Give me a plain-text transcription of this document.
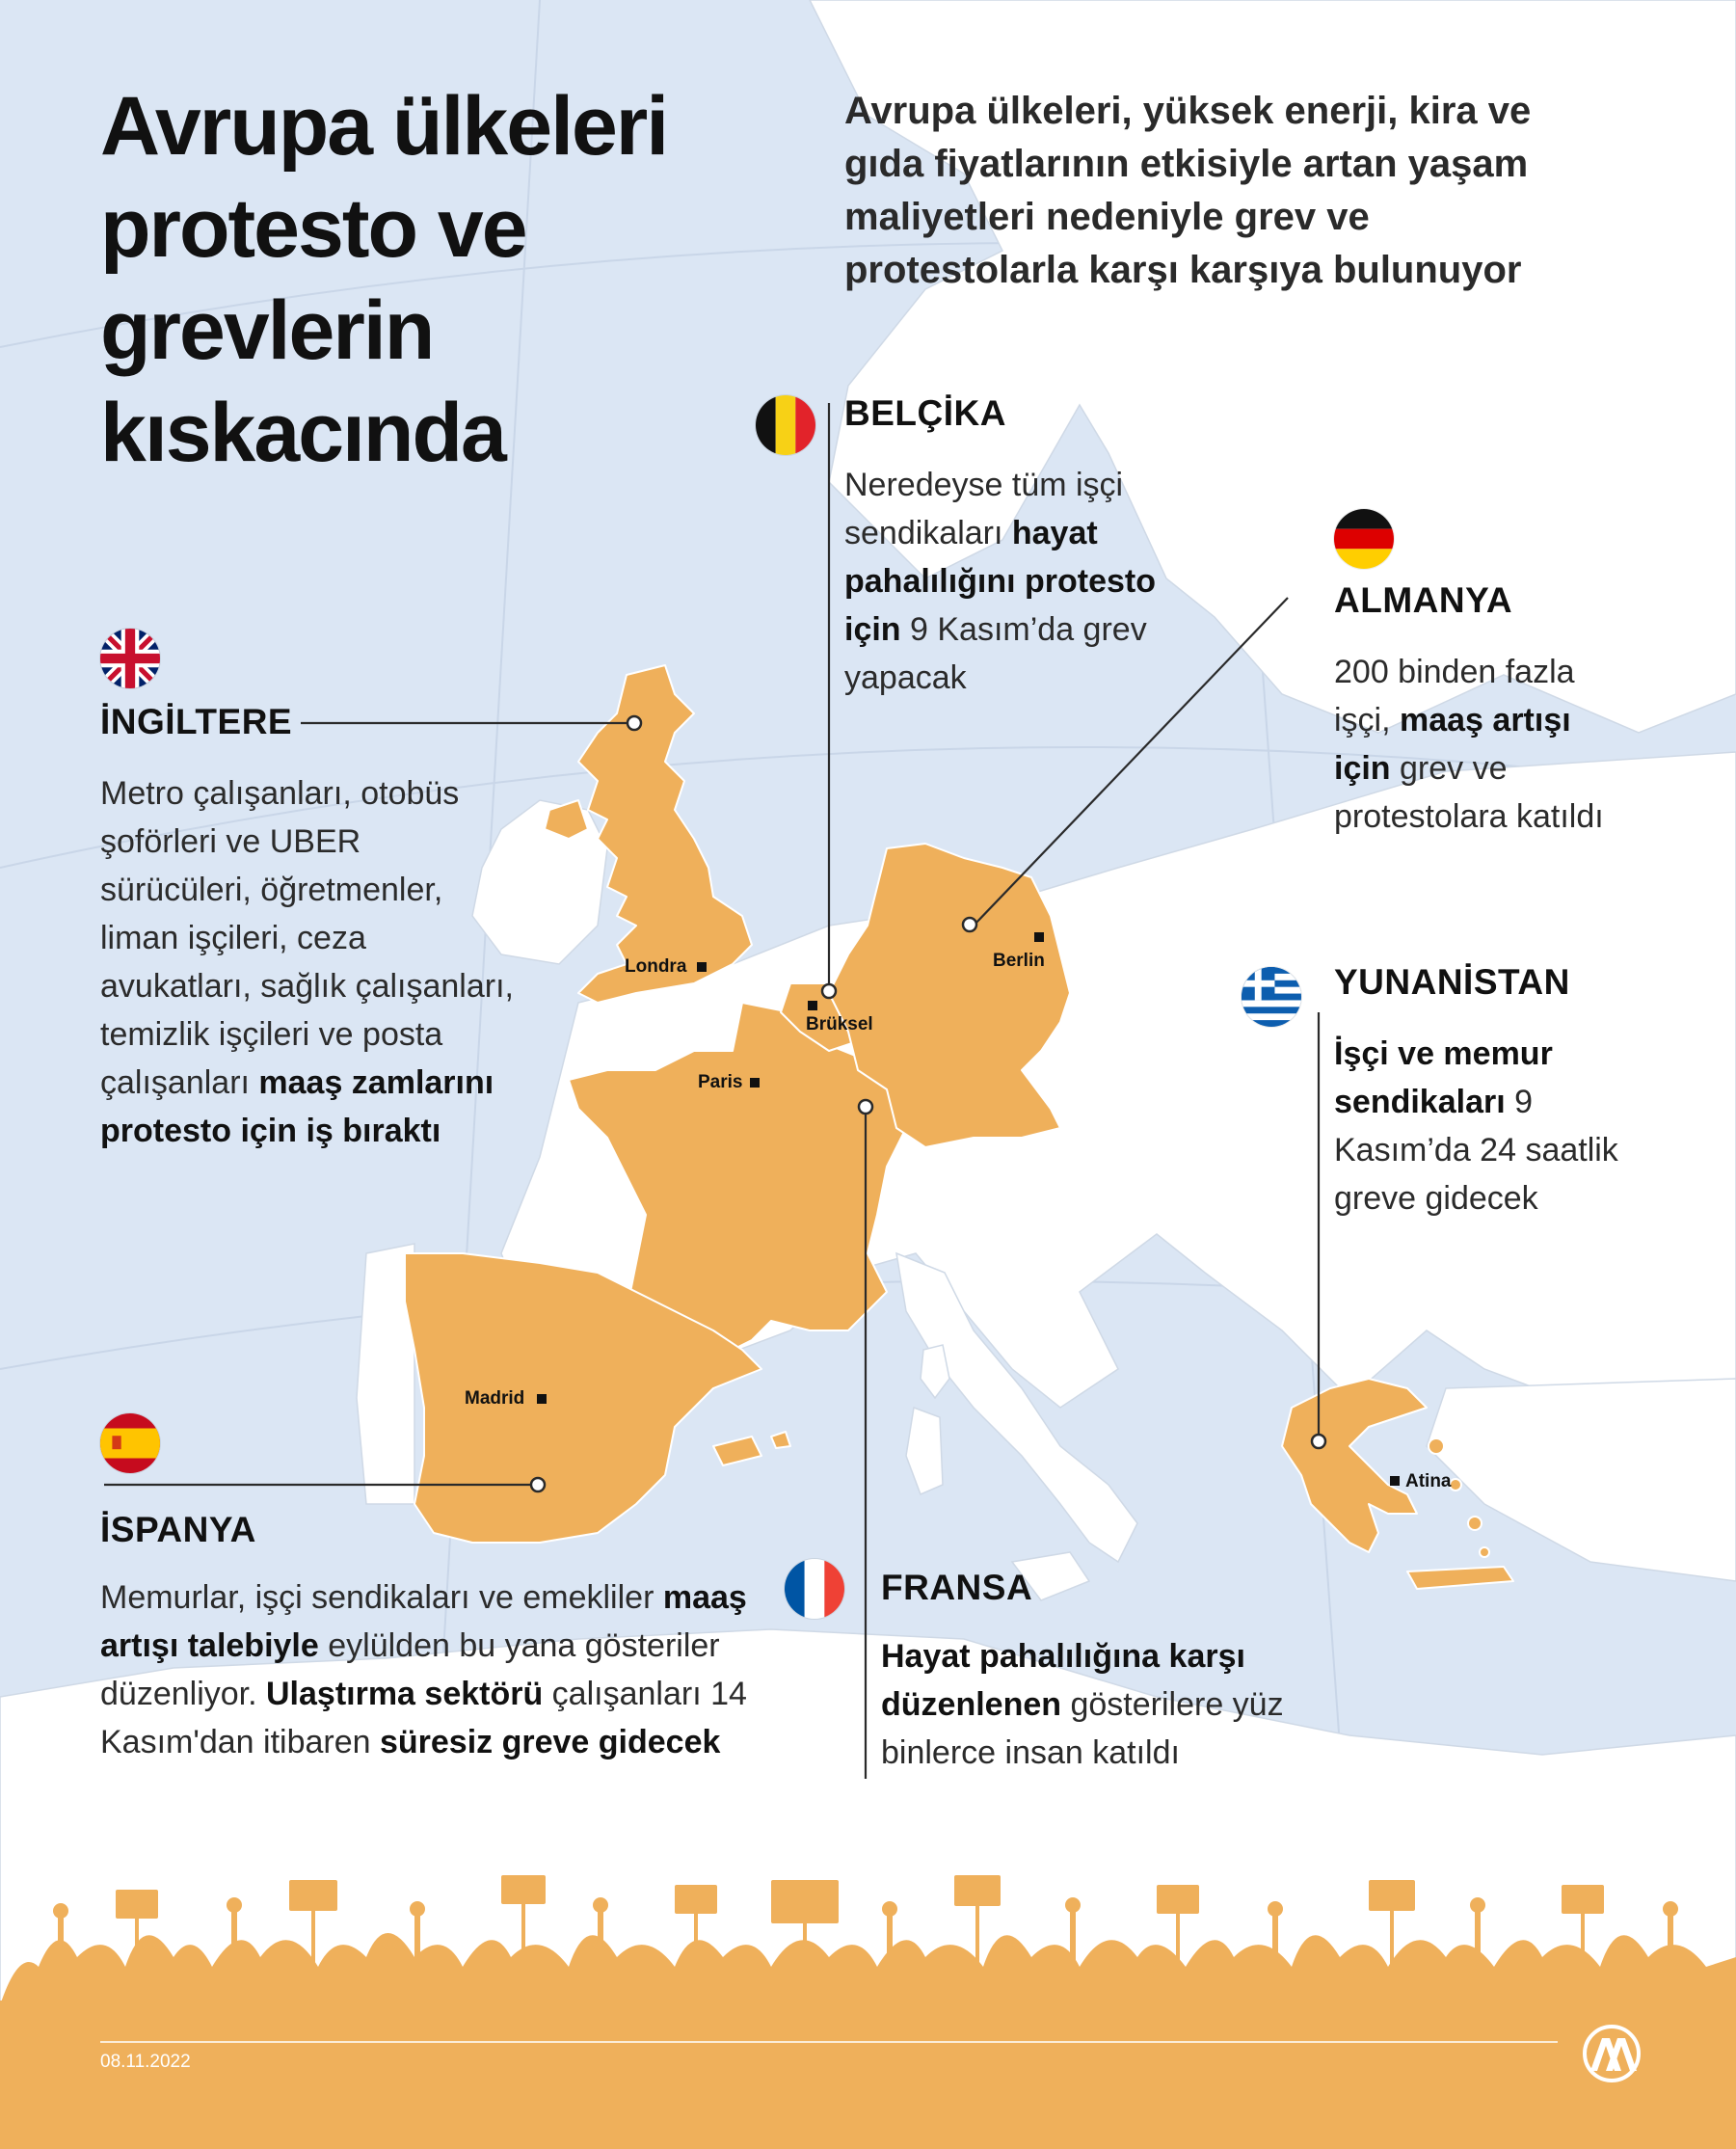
Avrupa ülkeleri protesto ve grevlerin kıskacında
Avrupa ülkeleri, yüksek enerji, kira ve gıda fiyatlarının etkisiyle artan yaşam maliyetleri nedeniyle grev ve protestolarla karşı karşıya bulunuyor
BELÇİKA
Neredeyse tüm işçi sendikaları hayat pahalılığını protesto için 9 Kasım’da grev yapacak
ALMANYA
200 binden fazla işçi, maaş artışı için grev ve protestolara katıldı
İNGİLTERE
Metro çalışanları, otobüs şoförleri ve UBER sürücüleri, öğretmenler, liman işçileri, ceza avukatları, sağlık çalışanları, temizlik işçileri ve posta çalışanları maaş zamlarını protesto için iş bıraktı
YUNANİSTAN
İşçi ve memur sendikaları 9 Kasım’da 24 saatlik greve gidecek
İSPANYA
Memurlar, işçi sendikaları ve emekliler maaş artışı talebiyle eylülden bu yana gösteriler düzenliyor. Ulaştırma sektörü çalışanları 14 Kasım'dan itibaren süresiz greve gidecek
FRANSA
Hayat pahalılığına karşı düzenlenen gösterilere yüz binlerce insan katıldı
Londra
Brüksel
Paris
Berlin
Madrid
Atina
08.11.2022
